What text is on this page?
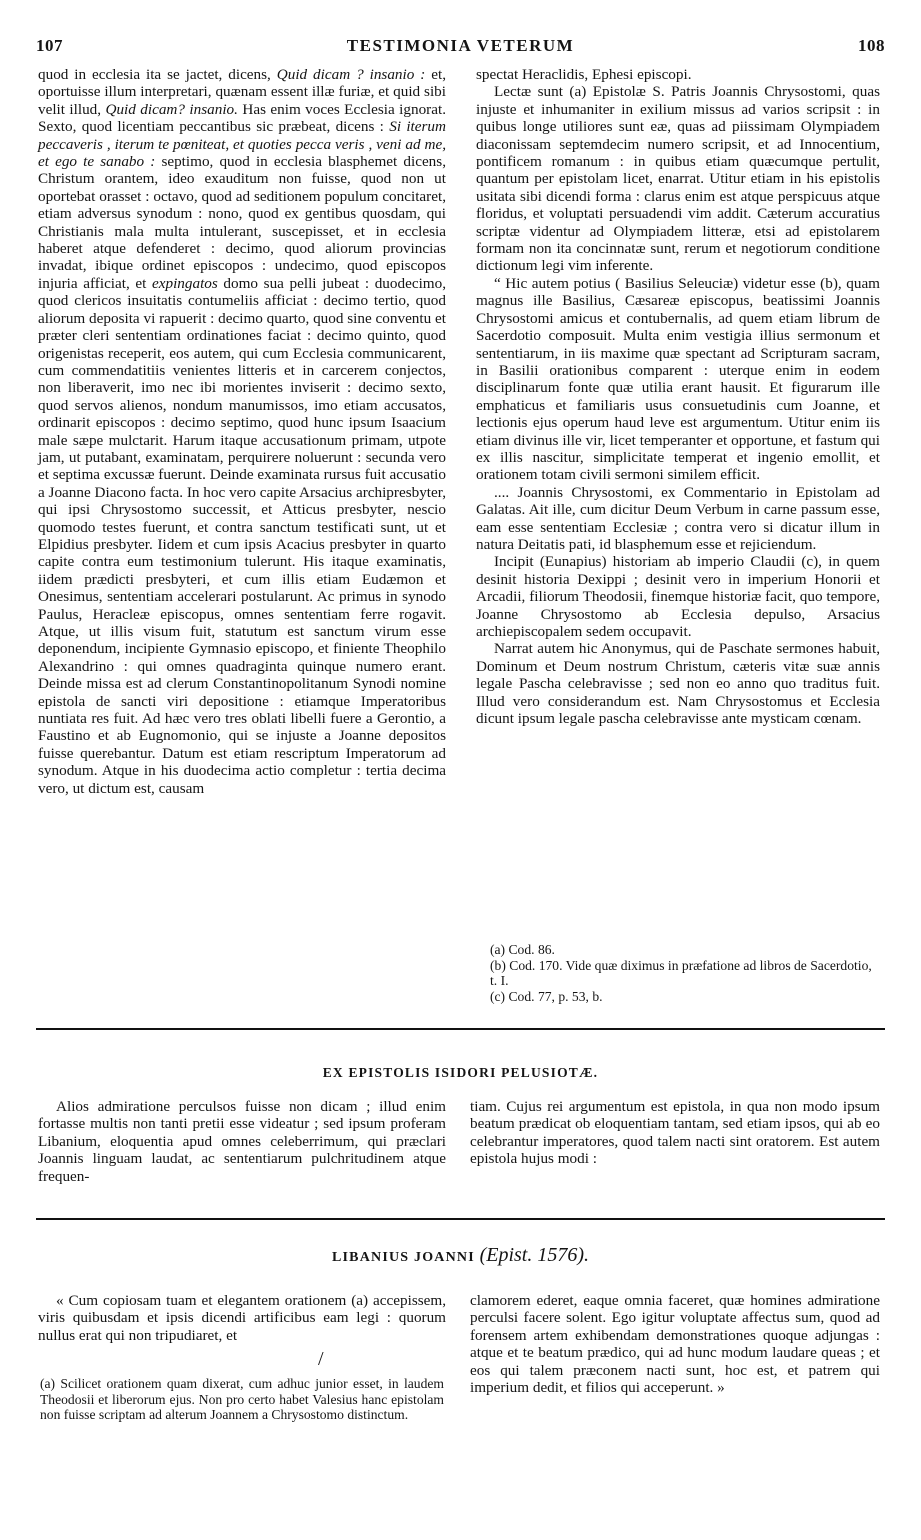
107	TESTIMONIA VETERUM	108

quod in ecclesia ita se jactet, dicens, Quid dicam ? insanio : et, oportuisse illum interpretari, quænam essent illæ furiæ, et quid sibi velit illud, Quid dicam? insanio. Has enim voces Ecclesia ignorat. Sexto, quod licentiam peccantibus sic præbeat, dicens : Si iterum peccaveris , iterum te pœniteat, et quoties pecca veris , veni ad me, et ego te sanabo : septimo, quod in ecclesia blasphemet dicens, Christum orantem, ideo exauditum non fuisse, quod non ut oportebat orasset : octavo, quod ad seditionem populum concitaret, etiam adversus synodum : nono, quod ex gentibus quosdam, qui Christianis mala multa intulerant, suscepisset, et in ecclesia haberet atque defenderet : decimo, quod aliorum provincias invadat, ibique ordinet episcopos : undecimo, quod episcopos injuria afficiat, et expingatos domo sua pelli jubeat : duodecimo, quod clericos insuitatis contumeliis afficiat : decimo tertio, quod aliorum deposita vi rapuerit : decimo quarto, quod sine conventu et præter cleri sententiam ordinationes faciat : decimo quinto, quod origenistas receperit, eos autem, qui cum Ecclesia communicarent, cum commendatitiis venientes litteris et in carcerem conjectos, non liberaverit, imo nec ibi morientes inviserit : decimo sexto, quod servos alienos, nondum manumissos, imo etiam accusatos, ordinarit episcopos : decimo septimo, quod hunc ipsum Isaacium male sæpe mulctarit. Harum itaque accusationum primam, utpote jam, ut putabant, examinatam, perquirere noluerunt : secunda vero et septima excussæ fuerunt. Deinde examinata rursus fuit accusatio a Joanne Diacono facta. In hoc vero capite Arsacius archipresbyter, qui ipsi Chrysostomo successit, et Atticus presbyter, nescio quomodo testes fuerunt, et contra sanctum testificati sunt, ut et Elpidius presbyter. Iidem et cum ipsis Acacius presbyter in quarto capite contra eum testimonium tulerunt. His itaque examinatis, iidem prædicti presbyteri, et cum illis etiam Eudæmon et Onesimus, sententiam accelerari postularunt. Ac primus in synodo Paulus, Heracleæ episcopus, omnes sententiam ferre rogavit. Atque, ut illis visum fuit, statutum est sanctum virum esse deponendum, incipiente Gymnasio episcopo, et finiente Theophilo Alexandrino : qui omnes quadraginta quinque numero erant. Deinde missa est ad clerum Constantinopolitanum Synodi nomine epistola de sancti viri depositione : etiamque Imperatoribus nuntiata res fuit. Ad hæc vero tres oblati libelli fuere a Gerontio, a Faustino et ab Eugnomonio, qui se injuste a Joanne depositos fuisse querebantur. Datum est etiam rescriptum Imperatorum ad synodum. Atque in his duodecima actio completur : tertia decima vero, ut dictum est, causam

spectat Heraclidis, Ephesi episcopi.

Lectæ sunt (a) Epistolæ S. Patris Joannis Chrysostomi, quas injuste et inhumaniter in exilium missus ad varios scripsit : in quibus longe utiliores sunt eæ, quas ad piissimam Olympiadem diaconissam septemdecim numero scripsit, et ad Innocentium, pontificem romanum : in quibus etiam quæcumque pertulit, quantum per epistolam licet, enarrat. Utitur etiam in his epistolis usitata sibi dicendi forma : clarus enim est atque perspicuus atque floridus, et voluptati persuadendi vim addit. Cæterum accuratius scriptæ videntur ad Olympiadem litteræ, etsi ad epistolarem formam non ita concinnatæ sunt, rerum et negotiorum conditione dictionum legi vim inferente.

“ Hic autem potius ( Basilius Seleuciæ) videtur esse (b), quam magnus ille Basilius, Cæsareæ episcopus, beatissimi Joannis Chrysostomi amicus et contubernalis, ad quem etiam librum de Sacerdotio composuit. Multa enim vestigia illius sermonum et sententiarum, in iis maxime quæ spectant ad Scripturam sacram, in Basilii orationibus comparent : uterque enim in eodem disciplinarum fonte quæ utilia erant hausit. Et figurarum ille emphaticus et familiaris usus consuetudinis cum Joanne, et lectionis ejus operum haud leve est argumentum. Utitur enim iis etiam divinus ille vir, licet temperanter et opportune, et fastum qui ex illis nascitur, simplicitate temperat et ingenio emollit, et orationem totam civili sermoni similem efficit.

.... Joannis Chrysostomi, ex Commentario in Epistolam ad Galatas. Ait ille, cum dicitur Deum Verbum in carne passum esse, eam esse sententiam Ecclesiæ ; contra vero si dicatur illum in natura Deitatis pati, id blasphemum esse et rejiciendum.

Incipit (Eunapius) historiam ab imperio Claudii (c), in quem desinit historia Dexippi ; desinit vero in imperium Honorii et Arcadii, filiorum Theodosii, finemque historiæ facit, quo tempore, Joanne Chrysostomo ab Ecclesia depulso, Arsacius archiepiscopalem sedem occupavit.

Narrat autem hic Anonymus, qui de Paschate sermones habuit, Dominum et Deum nostrum Christum, cæteris vitæ suæ annis legale Pascha celebravisse ; sed non eo anno quo traditus fuit. Illud vero considerandum est. Nam Chrysostomus et Ecclesia dicunt ipsum legale pascha celebravisse ante mysticam cœnam.

(a) Cod. 86.
(b) Cod. 170. Vide quæ diximus in præfatione ad libros de Sacerdotio, t. I.
(c) Cod. 77, p. 53, b.
EX EPISTOLIS ISIDORI PELUSIOTÆ.

Alios admiratione perculsos fuisse non dicam ; illud enim fortasse multis non tanti pretii esse videatur ; sed ipsum proferam Libanium, eloquentia apud omnes celeberrimum, qui præclari Joannis linguam laudat, ac sententiarum pulchritudinem atque frequen-

tiam. Cujus rei argumentum est epistola, in qua non modo ipsum beatum prædicat ob eloquentiam tantam, sed etiam ipsos, qui ab eo celebrantur imperatores, quod talem nacti sint oratorem. Est autem epistola hujus modi :

LIBANIUS JOANNI (Epist. 1576).

« Cum copiosam tuam et elegantem orationem (a) accepissem, viris quibusdam et ipsis dicendi artificibus eam legi : quorum nullus erat qui non tripudiaret, et

clamorem ederet, eaque omnia faceret, quæ homines admiratione perculsi facere solent. Ego igitur voluptate affectus sum, quod ad forensem artem exhibendam demonstrationes quoque adjungas : atque et te beatum prædico, qui ad hunc modum laudare queas ; et eos qui talem præconem nacti sunt, hoc est, et patrem qui imperium dedit, et filios qui acceperunt. »

/
(a) Scilicet orationem quam dixerat, cum adhuc junior esset, in laudem Theodosii et liberorum ejus. Non pro certo habet Valesius hanc epistolam non fuisse scriptam ad alterum Joannem a Chrysostomo distinctum.
